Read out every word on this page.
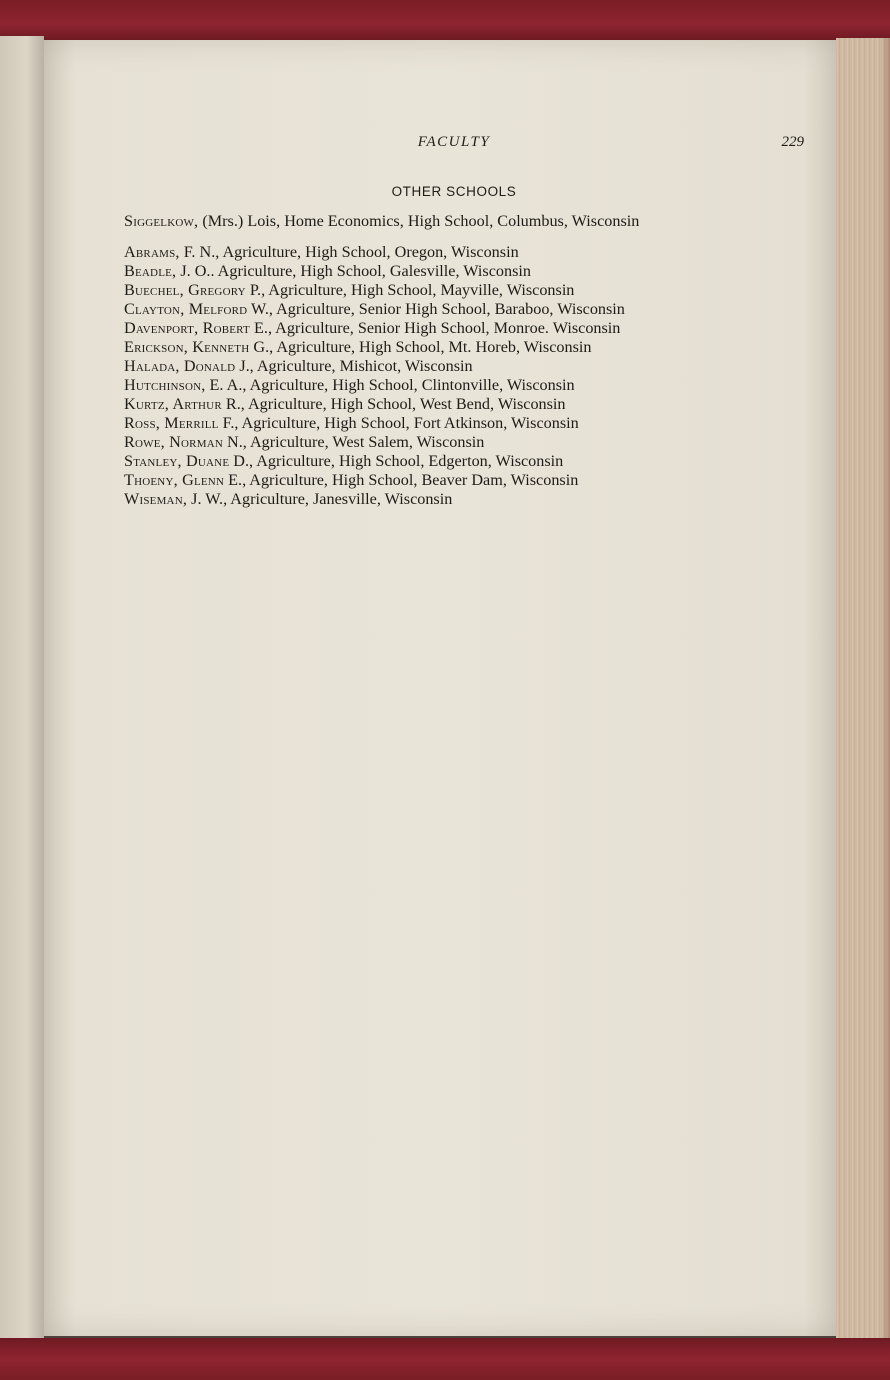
FACULTY	229
OTHER SCHOOLS
Siggelkow, (Mrs.) Lois, Home Economics, High School, Columbus, Wisconsin
Abrams, F. N., Agriculture, High School, Oregon, Wisconsin
Beadle, J. O.. Agriculture, High School, Galesville, Wisconsin
Buechel, Gregory P., Agriculture, High School, Mayville, Wisconsin
Clayton, Melford W., Agriculture, Senior High School, Baraboo, Wisconsin
Davenport, Robert E., Agriculture, Senior High School, Monroe. Wisconsin
Erickson, Kenneth G., Agriculture, High School, Mt. Horeb, Wisconsin
Halada, Donald J., Agriculture, Mishicot, Wisconsin
Hutchinson, E. A., Agriculture, High School, Clintonville, Wisconsin
Kurtz, Arthur R., Agriculture, High School, West Bend, Wisconsin
Ross, Merrill F., Agriculture, High School, Fort Atkinson, Wisconsin
Rowe, Norman N., Agriculture, West Salem, Wisconsin
Stanley, Duane D., Agriculture, High School, Edgerton, Wisconsin
Thoeny, Glenn E., Agriculture, High School, Beaver Dam, Wisconsin
Wiseman, J. W., Agriculture, Janesville, Wisconsin
